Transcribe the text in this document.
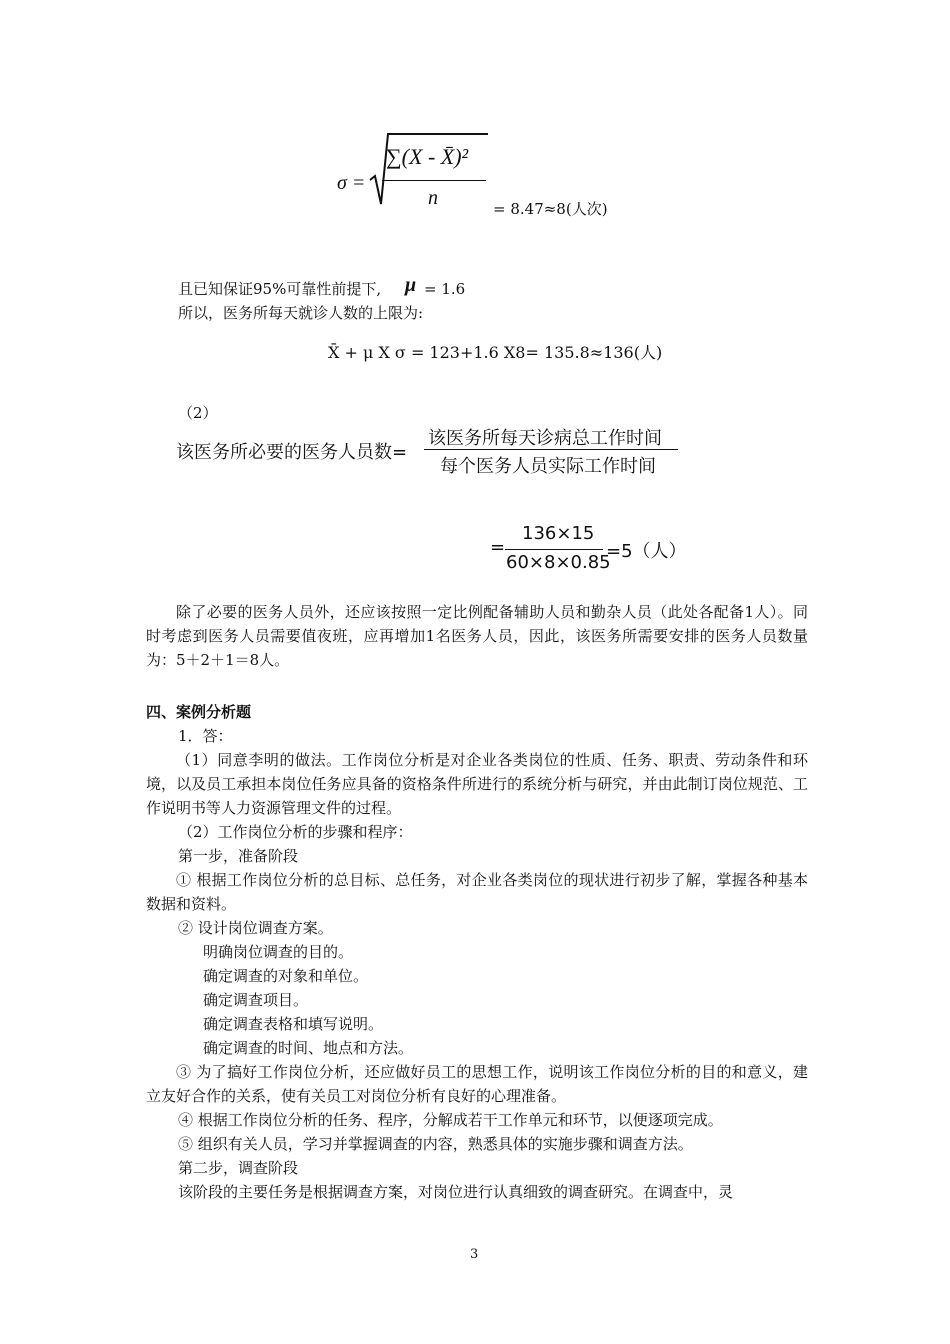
σ =
∑(X - X̄)²
n	= 8.47≈8(人次)
且已知保证95%可靠性前提下, μ = 1.6
所以，医务所每天就诊人数的上限为:
X̄ + μ X σ = 123+1.6 X8= 135.8≈136(人)
（2）
该医务所必要的医务人员数=
该医务所每天诊病总工作时间
每个医务人员实际工作时间
=
136×15
60×8×0.85
=5（人）
除了必要的医务人员外，还应该按照一定比例配备辅助人员和勤杂人员（此处各配备1人）。同时考虑到医务人员需要值夜班，应再增加1名医务人员，因此，该医务所需要安排的医务人员数量为：5＋2＋1＝8人。
四、案例分析题
1．答：
（1）同意李明的做法。工作岗位分析是对企业各类岗位的性质、任务、职责、劳动条件和环境，以及员工承担本岗位任务应具备的资格条件所进行的系统分析与研究，并由此制订岗位规范、工作说明书等人力资源管理文件的过程。
（2）工作岗位分析的步骤和程序：
第一步，准备阶段
① 根据工作岗位分析的总目标、总任务，对企业各类岗位的现状进行初步了解，掌握各种基本数据和资料。
② 设计岗位调查方案。
明确岗位调查的目的。
确定调查的对象和单位。
确定调查项目。
确定调查表格和填写说明。
确定调查的时间、地点和方法。
③ 为了搞好工作岗位分析，还应做好员工的思想工作，说明该工作岗位分析的目的和意义，建立友好合作的关系，使有关员工对岗位分析有良好的心理准备。
④ 根据工作岗位分析的任务、程序，分解成若干工作单元和环节，以便逐项完成。
⑤ 组织有关人员，学习并掌握调查的内容，熟悉具体的实施步骤和调查方法。
第二步，调查阶段
该阶段的主要任务是根据调查方案，对岗位进行认真细致的调查研究。在调查中，灵
3
